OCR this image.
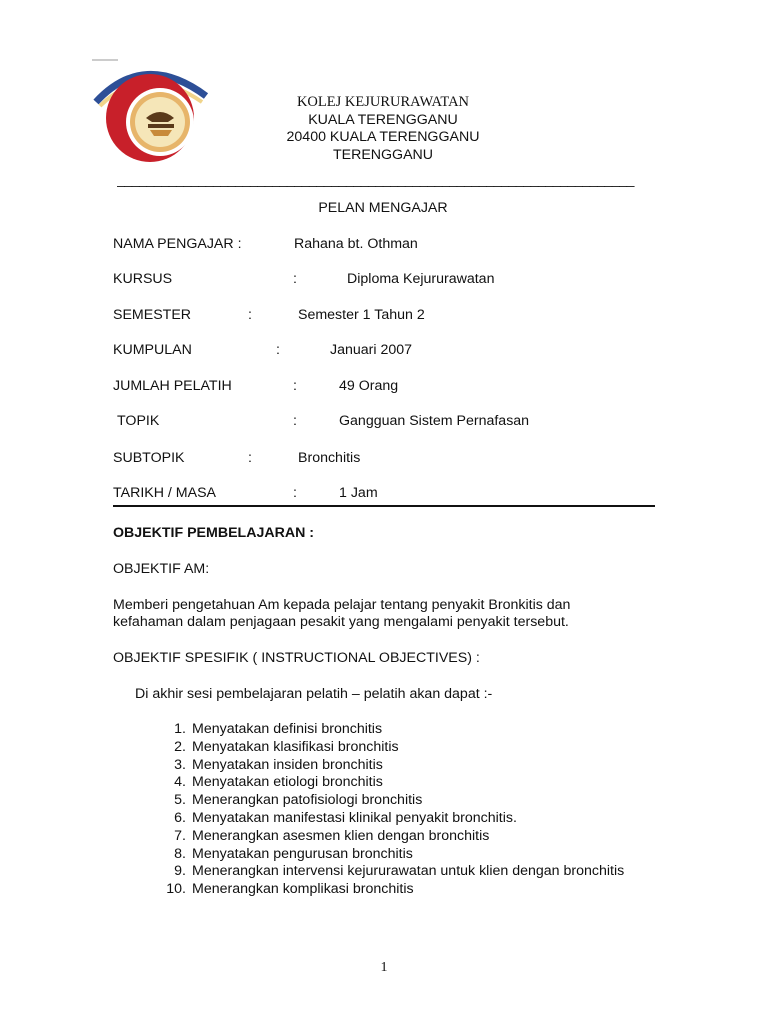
KOLEJ KEJURURAWATAN
KUALA TERENGGANU
20400 KUALA TERENGGANU
TERENGGANU
______________________________________________________________________
PELAN MENGAJAR
NAMA PENGAJAR :	Rahana bt. Othman
KURSUS	:	Diploma Kejururawatan
SEMESTER	:	Semester 1 Tahun 2
KUMPULAN	:	Januari 2007
JUMLAH PELATIH	:	49 Orang
TOPIK	:	Gangguan Sistem Pernafasan
SUBTOPIK	:	Bronchitis
TARIKH / MASA	:	1 Jam
OBJEKTIF PEMBELAJARAN :
OBJEKTIF AM:
Memberi pengetahuan Am kepada pelajar tentang penyakit Bronkitis dan
kefahaman dalam penjagaan pesakit yang mengalami penyakit tersebut.
OBJEKTIF SPESIFIK ( INSTRUCTIONAL OBJECTIVES) :
Di akhir sesi pembelajaran pelatih – pelatih akan dapat :-
1. Menyatakan definisi bronchitis
2. Menyatakan klasifikasi bronchitis
3. Menyatakan insiden bronchitis
4. Menyatakan etiologi bronchitis
5. Menerangkan patofisiologi bronchitis
6. Menyatakan manifestasi klinikal penyakit bronchitis.
7. Menerangkan asesmen klien dengan bronchitis
8. Menyatakan pengurusan bronchitis
9. Menerangkan intervensi kejururawatan untuk klien dengan bronchitis
10. Menerangkan komplikasi bronchitis
1
